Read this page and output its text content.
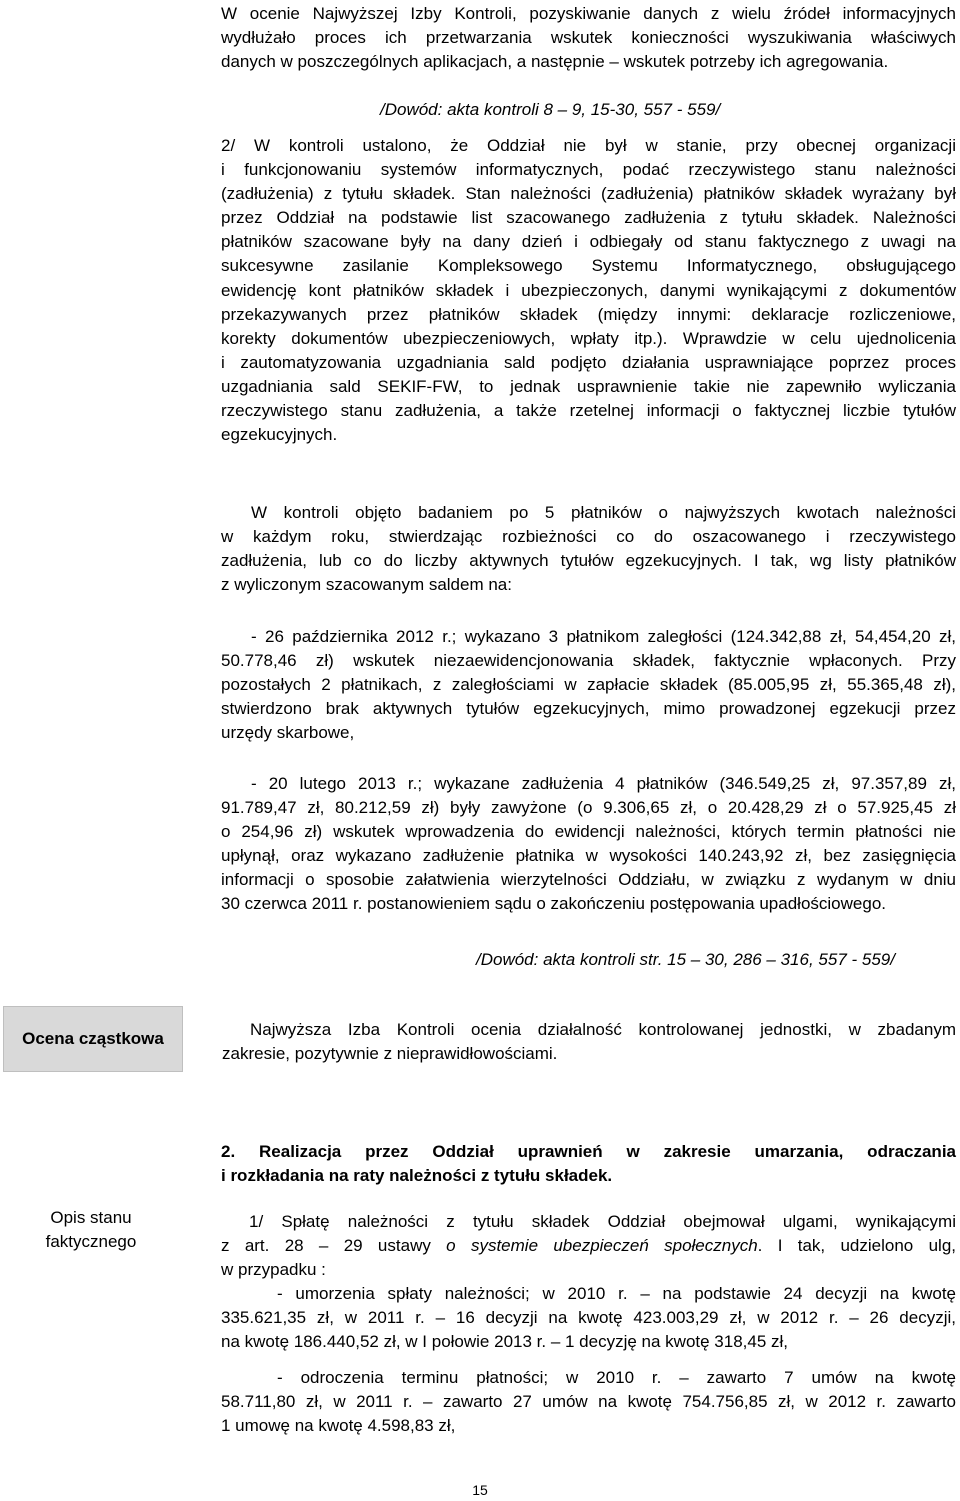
W ocenie Najwyższej Izby Kontroli, pozyskiwanie danych z wielu źródeł informacyjnych
wydłużało proces ich przetwarzania wskutek konieczności wyszukiwania właściwych
danych w poszczególnych aplikacjach, a następnie – wskutek potrzeby ich agregowania.
/Dowód: akta kontroli 8 – 9, 15-30, 557 - 559/
2/ W kontroli ustalono, że Oddział nie był w stanie, przy obecnej organizacji
i funkcjonowaniu systemów informatycznych, podać rzeczywistego stanu należności
(zadłużenia) z tytułu składek. Stan należności (zadłużenia) płatników składek wyrażany był
przez Oddział na podstawie list szacowanego zadłużenia z tytułu składek. Należności
płatników szacowane były na dany dzień i odbiegały od stanu faktycznego z uwagi na
sukcesywne zasilanie Kompleksowego Systemu Informatycznego, obsługującego
ewidencję kont płatników składek i ubezpieczonych, danymi wynikającymi z dokumentów
przekazywanych przez płatników składek (między innymi: deklaracje rozliczeniowe,
korekty dokumentów ubezpieczeniowych, wpłaty itp.). Wprawdzie w celu ujednolicenia
i zautomatyzowania uzgadniania sald podjęto działania usprawniające poprzez proces
uzgadniania sald SEKIF-FW, to jednak usprawnienie takie nie zapewniło wyliczania
rzeczywistego stanu zadłużenia, a także rzetelnej informacji o faktycznej liczbie tytułów
egzekucyjnych.
W kontroli objęto badaniem po 5 płatników o najwyższych kwotach należności
w każdym roku, stwierdzając rozbieżności co do oszacowanego i rzeczywistego
zadłużenia, lub co do liczby aktywnych tytułów egzekucyjnych. I tak, wg listy płatników
z wyliczonym szacowanym saldem na:
- 26 października 2012 r.; wykazano 3 płatnikom zaległości (124.342,88 zł, 54,454,20 zł,
50.778,46 zł) wskutek niezaewidencjonowania składek, faktycznie wpłaconych. Przy
pozostałych 2 płatnikach, z zaległościami w zapłacie składek (85.005,95 zł, 55.365,48 zł),
stwierdzono brak aktywnych tytułów egzekucyjnych, mimo prowadzonej egzekucji przez
urzędy skarbowe,
- 20 lutego 2013 r.; wykazane zadłużenia 4 płatników (346.549,25 zł, 97.357,89 zł,
91.789,47 zł, 80.212,59 zł) były zawyżone (o 9.306,65 zł, o 20.428,29 zł o 57.925,45 zł
o 254,96 zł) wskutek wprowadzenia do ewidencji należności, których termin płatności nie
upłynął, oraz wykazano zadłużenie płatnika w wysokości 140.243,92 zł, bez zasięgnięcia
informacji o sposobie załatwienia wierzytelności Oddziału, w związku z wydanym w dniu
30 czerwca 2011 r. postanowieniem sądu o zakończeniu postępowania upadłościowego.
/Dowód: akta kontroli str. 15 – 30, 286 – 316, 557 - 559/
Ocena cząstkowa	Najwyższa Izba Kontroli ocenia działalność kontrolowanej jednostki, w zbadanym
zakresie, pozytywnie z nieprawidłowościami.
Opis stanu
faktycznego
2. Realizacja przez Oddział uprawnień w zakresie umarzania, odraczania
i rozkładania na raty należności z tytułu składek.
1/ Spłatę należności z tytułu składek Oddział obejmował ulgami, wynikającymi
z art. 28 – 29 ustawy o systemie ubezpieczeń społecznych. I tak, udzielono ulg,
w przypadku :
- umorzenia spłaty należności; w 2010 r. – na podstawie 24 decyzji na kwotę
335.621,35 zł, w 2011 r. – 16 decyzji na kwotę 423.003,29 zł, w 2012 r. – 26 decyzji,
na kwotę 186.440,52 zł, w I połowie 2013 r. – 1 decyzję na kwotę 318,45 zł,
- odroczenia terminu płatności; w 2010 r. – zawarto 7 umów na kwotę
58.711,80 zł, w 2011 r. – zawarto 27 umów na kwotę 754.756,85 zł, w 2012 r. zawarto
1 umowę na kwotę 4.598,83 zł,
15
